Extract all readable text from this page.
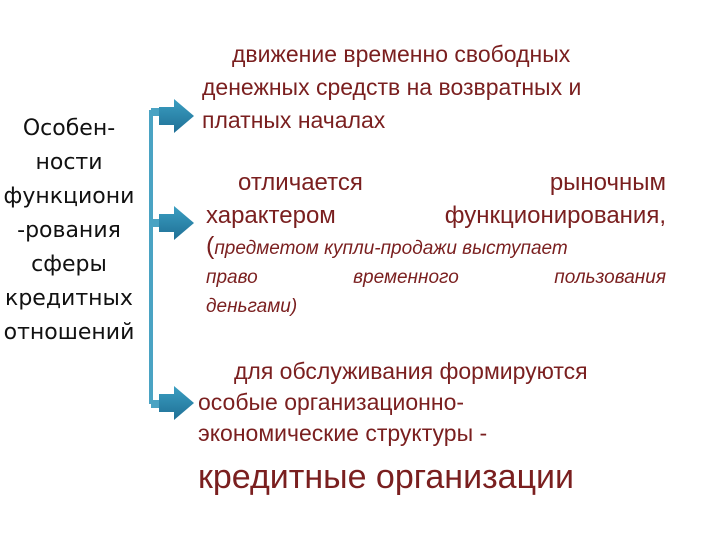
Особен-
ности
функциони
-рования
сферы
кредитных
отношений
движение временно свободных
денежных средств на возвратных и
платных началах
отличается	рыночным
характером	функционирования,
(предметом купли-продажи выступает
право	временного	пользования
деньгами)
для обслуживания формируются
особые организационно-
экономические структуры -
кредитные организации
